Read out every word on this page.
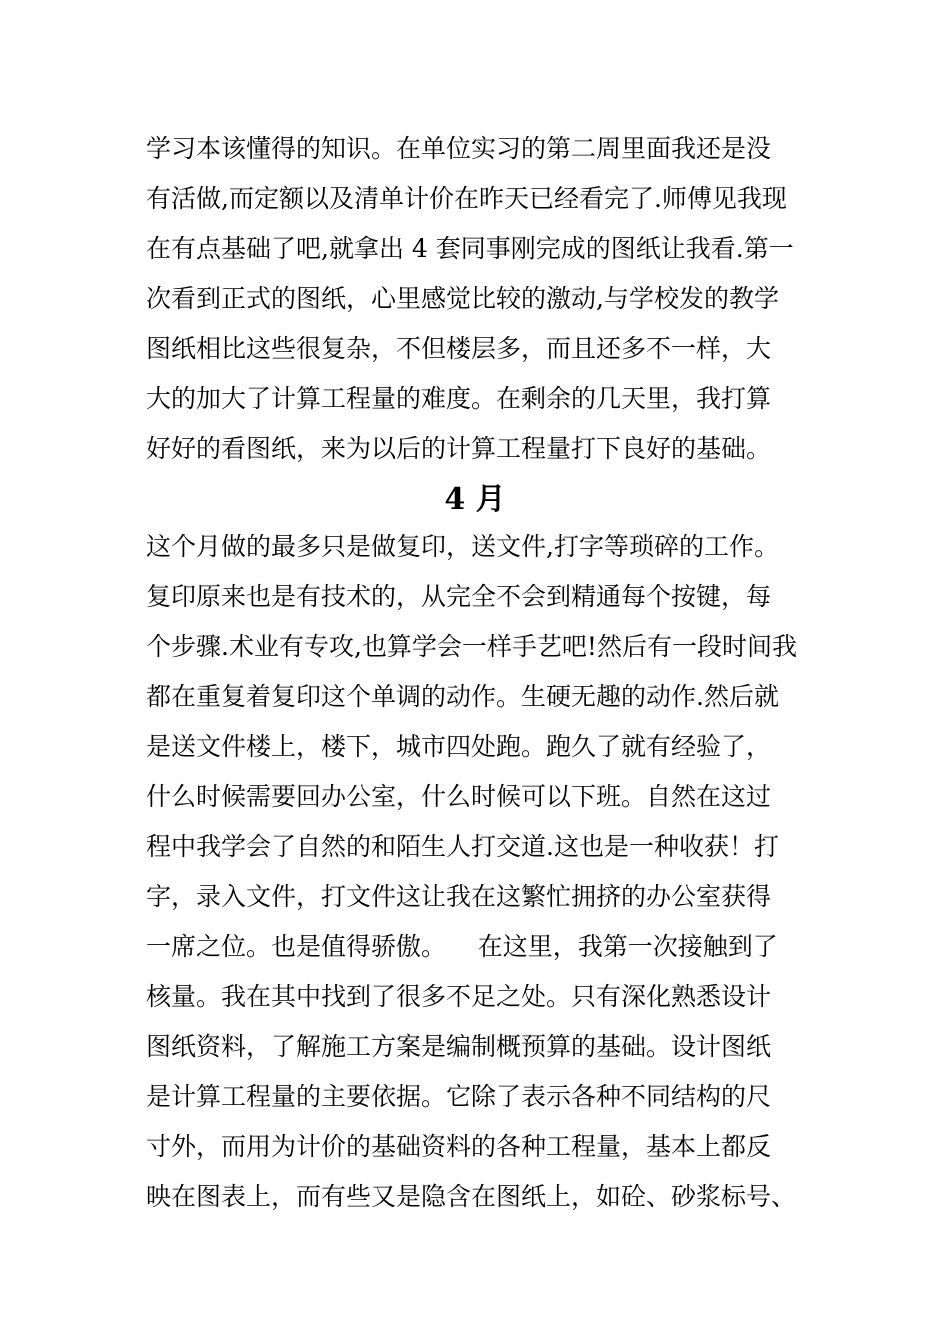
学习本该懂得的知识。在单位实习的第二周里面我还是没
有活做,而定额以及清单计价在昨天已经看完了.师傅见我现
在有点基础了吧,就拿出 4 套同事刚完成的图纸让我看.第一
次看到正式的图纸，心里感觉比较的激动,与学校发的教学
图纸相比这些很复杂，不但楼层多，而且还多不一样，大
大的加大了计算工程量的难度。在剩余的几天里，我打算
好好的看图纸，来为以后的计算工程量打下良好的基础。
4 月
这个月做的最多只是做复印，送文件,打字等琐碎的工作。
复印原来也是有技术的，从完全不会到精通每个按键，每
个步骤.术业有专攻,也算学会一样手艺吧!然后有一段时间我
都在重复着复印这个单调的动作。生硬无趣的动作.然后就
是送文件楼上，楼下，城市四处跑。跑久了就有经验了，
什么时候需要回办公室，什么时候可以下班。自然在这过
程中我学会了自然的和陌生人打交道.这也是一种收获！打
字，录入文件，打文件这让我在这繁忙拥挤的办公室获得
一席之位。也是值得骄傲。    在这里，我第一次接触到了
核量。我在其中找到了很多不足之处。只有深化熟悉设计
图纸资料，了解施工方案是编制概预算的基础。设计图纸
是计算工程量的主要依据。它除了表示各种不同结构的尺
寸外，而用为计价的基础资料的各种工程量，基本上都反
映在图表上，而有些又是隐含在图纸上，如砼、砂浆标号、
